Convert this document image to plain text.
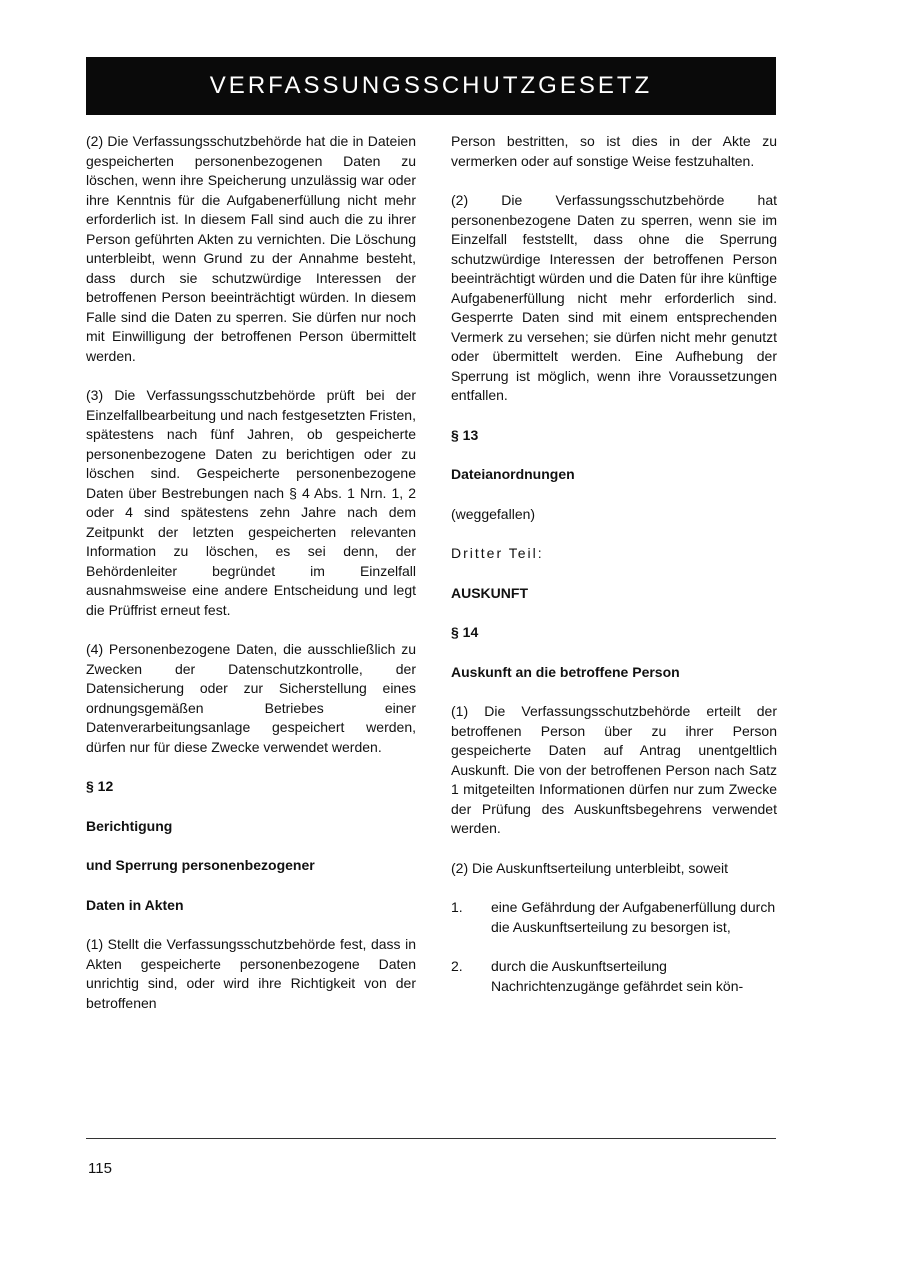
VERFASSUNGSSCHUTZGESETZ

(2) Die Verfassungsschutzbehörde hat die in Dateien gespeicherten personenbezogenen Daten zu löschen, wenn ihre Speicherung unzulässig war oder ihre Kenntnis für die Aufgabenerfüllung nicht mehr erforderlich ist. In diesem Fall sind auch die zu ihrer Person geführten Akten zu vernichten. Die Löschung unterbleibt, wenn Grund zu der Annahme besteht, dass durch sie schutzwürdige Interessen der betroffenen Person beeinträchtigt würden. In diesem Falle sind die Daten zu sperren. Sie dürfen nur noch mit Einwilligung der betroffenen Person übermittelt werden.

(3) Die Verfassungsschutzbehörde prüft bei der Einzelfallbearbeitung und nach festgesetzten Fristen, spätestens nach fünf Jahren, ob gespeicherte personenbezogene Daten zu berichtigen oder zu löschen sind. Gespeicherte personenbezogene Daten über Bestrebungen nach § 4 Abs. 1 Nrn. 1, 2 oder 4 sind spätestens zehn Jahre nach dem Zeitpunkt der letzten gespeicherten relevanten Information zu löschen, es sei denn, der Behördenleiter begründet im Einzelfall ausnahmsweise eine andere Entscheidung und legt die Prüffrist erneut fest.

(4) Personenbezogene Daten, die ausschließlich zu Zwecken der Datenschutzkontrolle, der Datensicherung oder zur Sicherstellung eines ordnungsgemäßen Betriebes einer Datenverarbeitungsanlage gespeichert werden, dürfen nur für diese Zwecke verwendet werden.

§ 12

Berichtigung

und Sperrung personenbezogener

Daten in Akten

(1) Stellt die Verfassungsschutzbehörde fest, dass in Akten gespeicherte personenbezogene Daten unrichtig sind, oder wird ihre Richtigkeit von der betroffenen

Person bestritten, so ist dies in der Akte zu vermerken oder auf sonstige Weise festzuhalten.

(2) Die Verfassungsschutzbehörde hat personenbezogene Daten zu sperren, wenn sie im Einzelfall feststellt, dass ohne die Sperrung schutzwürdige Interessen der betroffenen Person beeinträchtigt würden und die Daten für ihre künftige Aufgabenerfüllung nicht mehr erforderlich sind. Gesperrte Daten sind mit einem entsprechenden Vermerk zu versehen; sie dürfen nicht mehr genutzt oder übermittelt werden. Eine Aufhebung der Sperrung ist möglich, wenn ihre Voraussetzungen entfallen.

§ 13

Dateianordnungen

(weggefallen)

Dritter Teil:

AUSKUNFT

§ 14

Auskunft an die betroffene Person

(1) Die Verfassungsschutzbehörde erteilt der betroffenen Person über zu ihrer Person gespeicherte Daten auf Antrag unentgeltlich Auskunft. Die von der betroffenen Person nach Satz 1 mitgeteilten Informationen dürfen nur zum Zwecke der Prüfung des Auskunftsbegehrens verwendet werden.

(2) Die Auskunftserteilung unterbleibt, soweit

1.	eine Gefährdung der Aufgabenerfüllung durch die Auskunftserteilung zu besorgen ist,
2.	durch die Auskunftserteilung Nachrichtenzugänge gefährdet sein kön-
115
